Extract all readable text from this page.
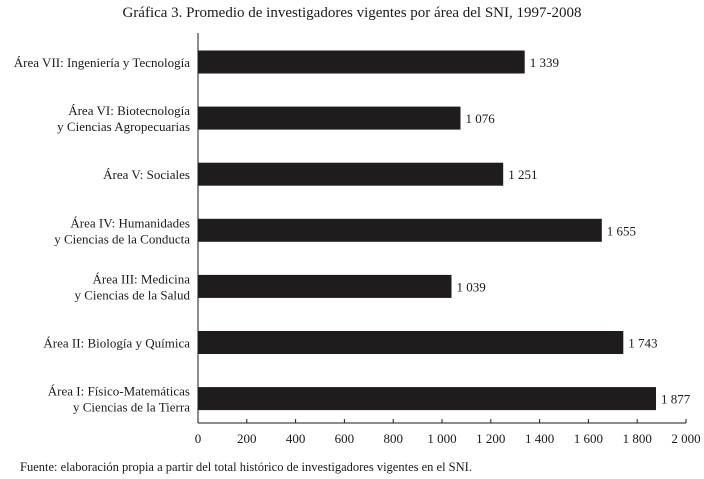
Gráfica 3. Promedio de investigadores vigentes por área del SNI, 1997-2008
1 339
Área VII: Ingeniería y Tecnología
1 076
Área VI: Biotecnología
y Ciencias Agropecuarias
1 251
Área V: Sociales
1 655
Área IV: Humanidades
y Ciencias de la Conducta
1 039
Área III: Medicina
y Ciencias de la Salud
1 743
Área II: Biología y Química
1 877
Área I: Físico-Matemáticas
y Ciencias de la Tierra
0	200 400 600 800 1 000 1 200 1 400 1 600 1 800 2 000
Fuente: elaboración propia a partir del total histórico de investigadores vigentes en el SNI.
